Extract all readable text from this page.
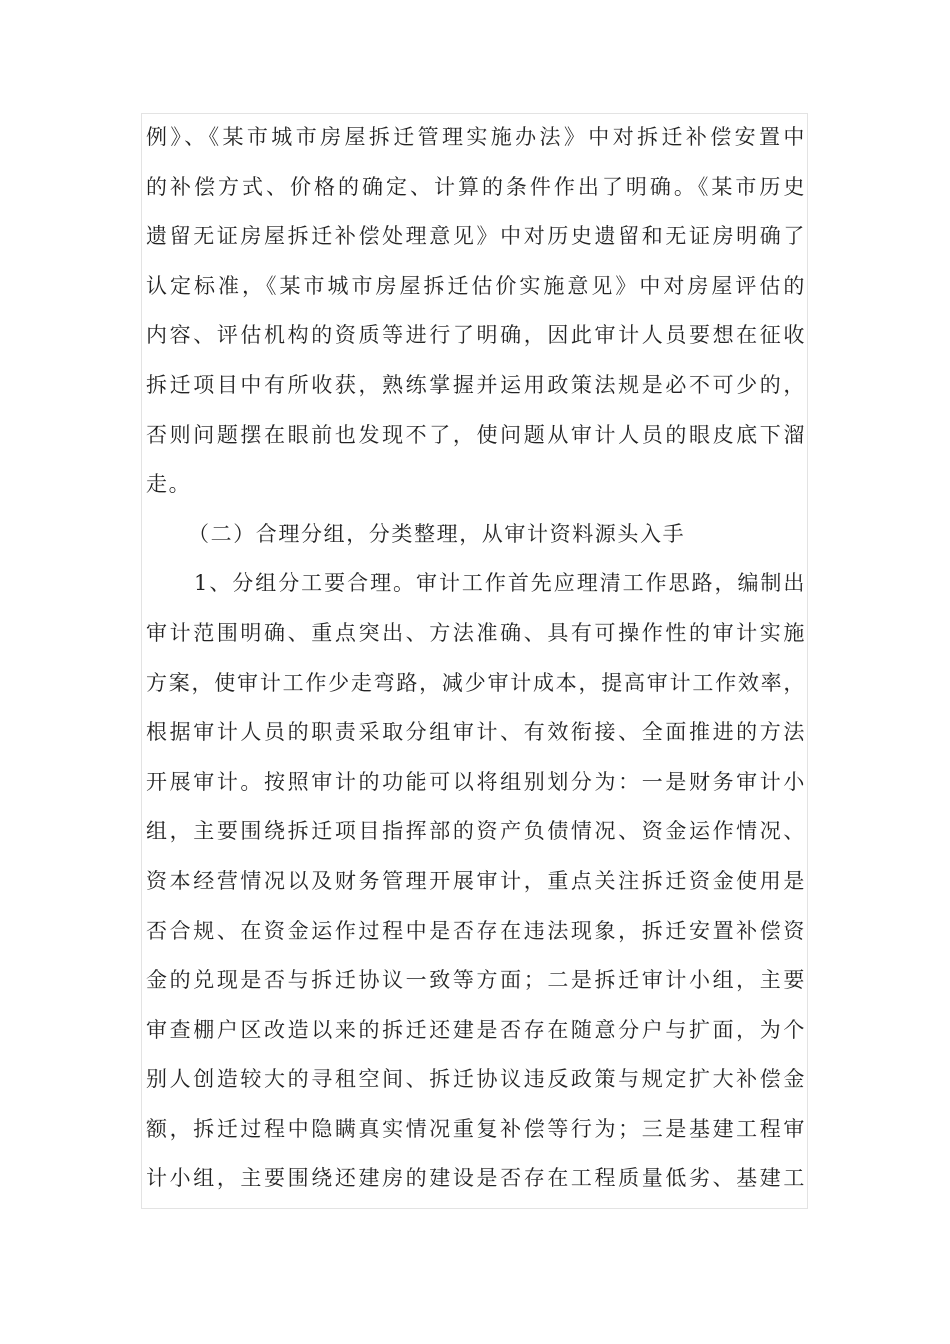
例》、《某市城市房屋拆迁管理实施办法》中对拆迁补偿安置中
的补偿方式、价格的确定、计算的条件作出了明确。《某市历史
遗留无证房屋拆迁补偿处理意见》中对历史遗留和无证房明确了
认定标准，《某市城市房屋拆迁估价实施意见》中对房屋评估的
内容、评估机构的资质等进行了明确，因此审计人员要想在征收
拆迁项目中有所收获，熟练掌握并运用政策法规是必不可少的，
否则问题摆在眼前也发现不了，使问题从审计人员的眼皮底下溜
走。
（二）合理分组，分类整理，从审计资料源头入手
1、分组分工要合理。审计工作首先应理清工作思路，编制出
审计范围明确、重点突出、方法准确、具有可操作性的审计实施
方案，使审计工作少走弯路，减少审计成本，提高审计工作效率，
根据审计人员的职责采取分组审计、有效衔接、全面推进的方法
开展审计。按照审计的功能可以将组别划分为：一是财务审计小
组，主要围绕拆迁项目指挥部的资产负债情况、资金运作情况、
资本经营情况以及财务管理开展审计，重点关注拆迁资金使用是
否合规、在资金运作过程中是否存在违法现象，拆迁安置补偿资
金的兑现是否与拆迁协议一致等方面；二是拆迁审计小组，主要
审查棚户区改造以来的拆迁还建是否存在随意分户与扩面，为个
别人创造较大的寻租空间、拆迁协议违反政策与规定扩大补偿金
额，拆迁过程中隐瞒真实情况重复补偿等行为；三是基建工程审
计小组，主要围绕还建房的建设是否存在工程质量低劣、基建工
